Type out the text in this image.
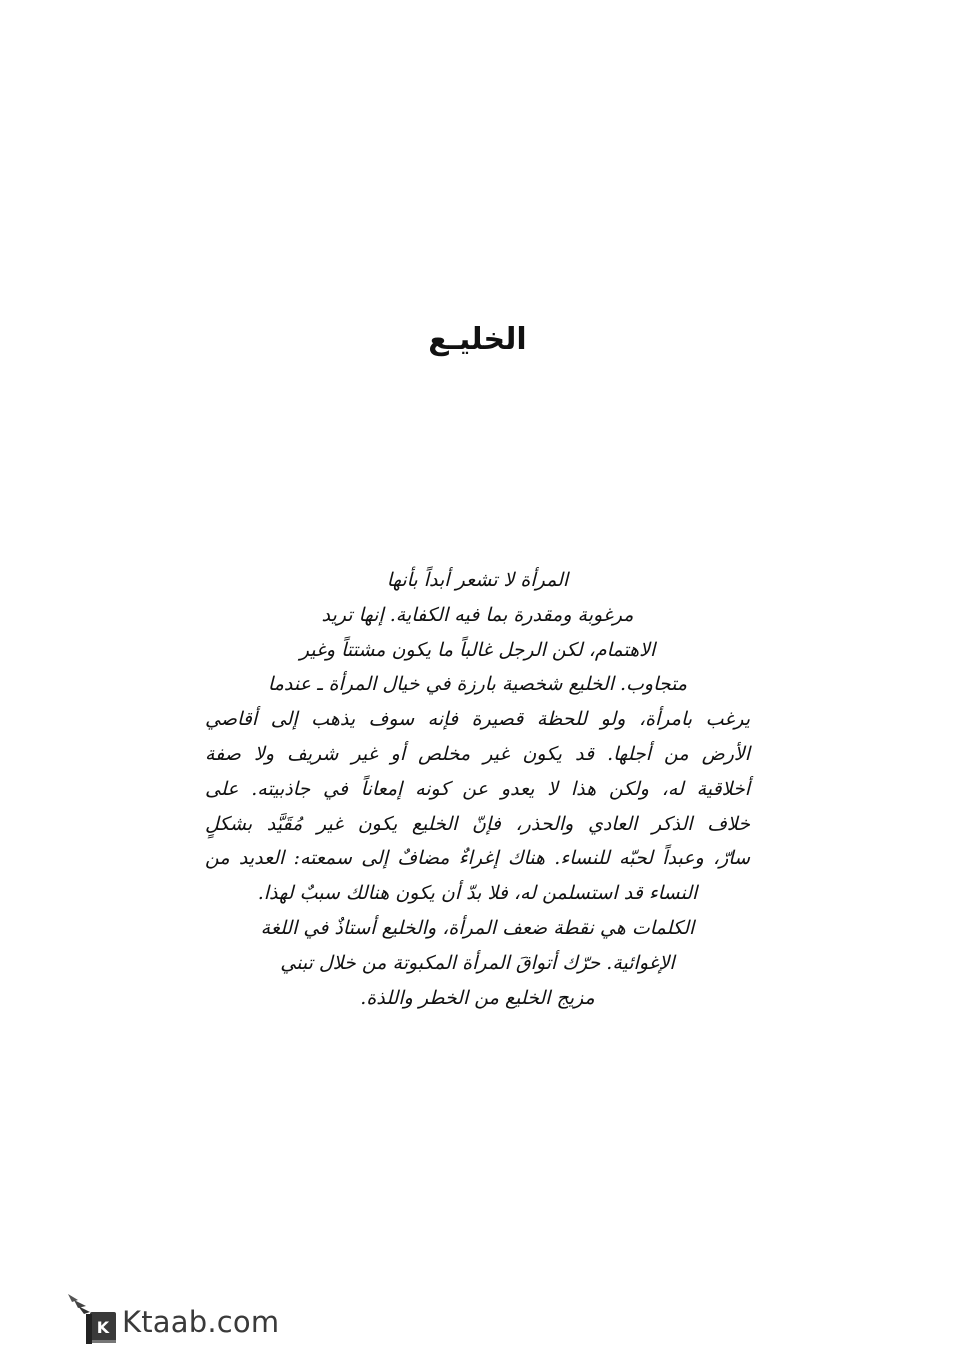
الخليـع
المرأة لا تشعر أبداً بأنها
مرغوبة ومقدرة بما فيه الكفاية. إنها تريد
الاهتمام، لكن الرجل غالباً ما يكون مشتتاً وغير
متجاوب. الخليع شخصية بارزة في خيال المرأة ـ عندما
يرغب بامرأة، ولو للحظة قصيرة فإنه سوف يذهب إلى أقاصي
الأرض من أجلها. قد يكون غير مخلص أو غير شريف ولا صفة
أخلاقية له، ولكن هذا لا يعدو عن كونه إمعاناً في جاذبيته. على
خلاف الذكر العادي والحذر، فإنّ الخليع يكون غير مُقَيَّد بشكلٍ
سارّ، وعبداً لحبّه للنساء. هناك إغراءٌ مضافٌ إلى سمعته: العديد من
النساء قد استسلمن له، فلا بدّ أن يكون هنالك سببٌ لهذا.
الكلمات هي نقطة ضعف المرأة، والخليع أستاذٌ في اللغة
الإغوائية. حرّك أتواقَ المرأة المكبوتة من خلال تبني
مزيج الخليع من الخطر واللذة.
K Ktaab.com
